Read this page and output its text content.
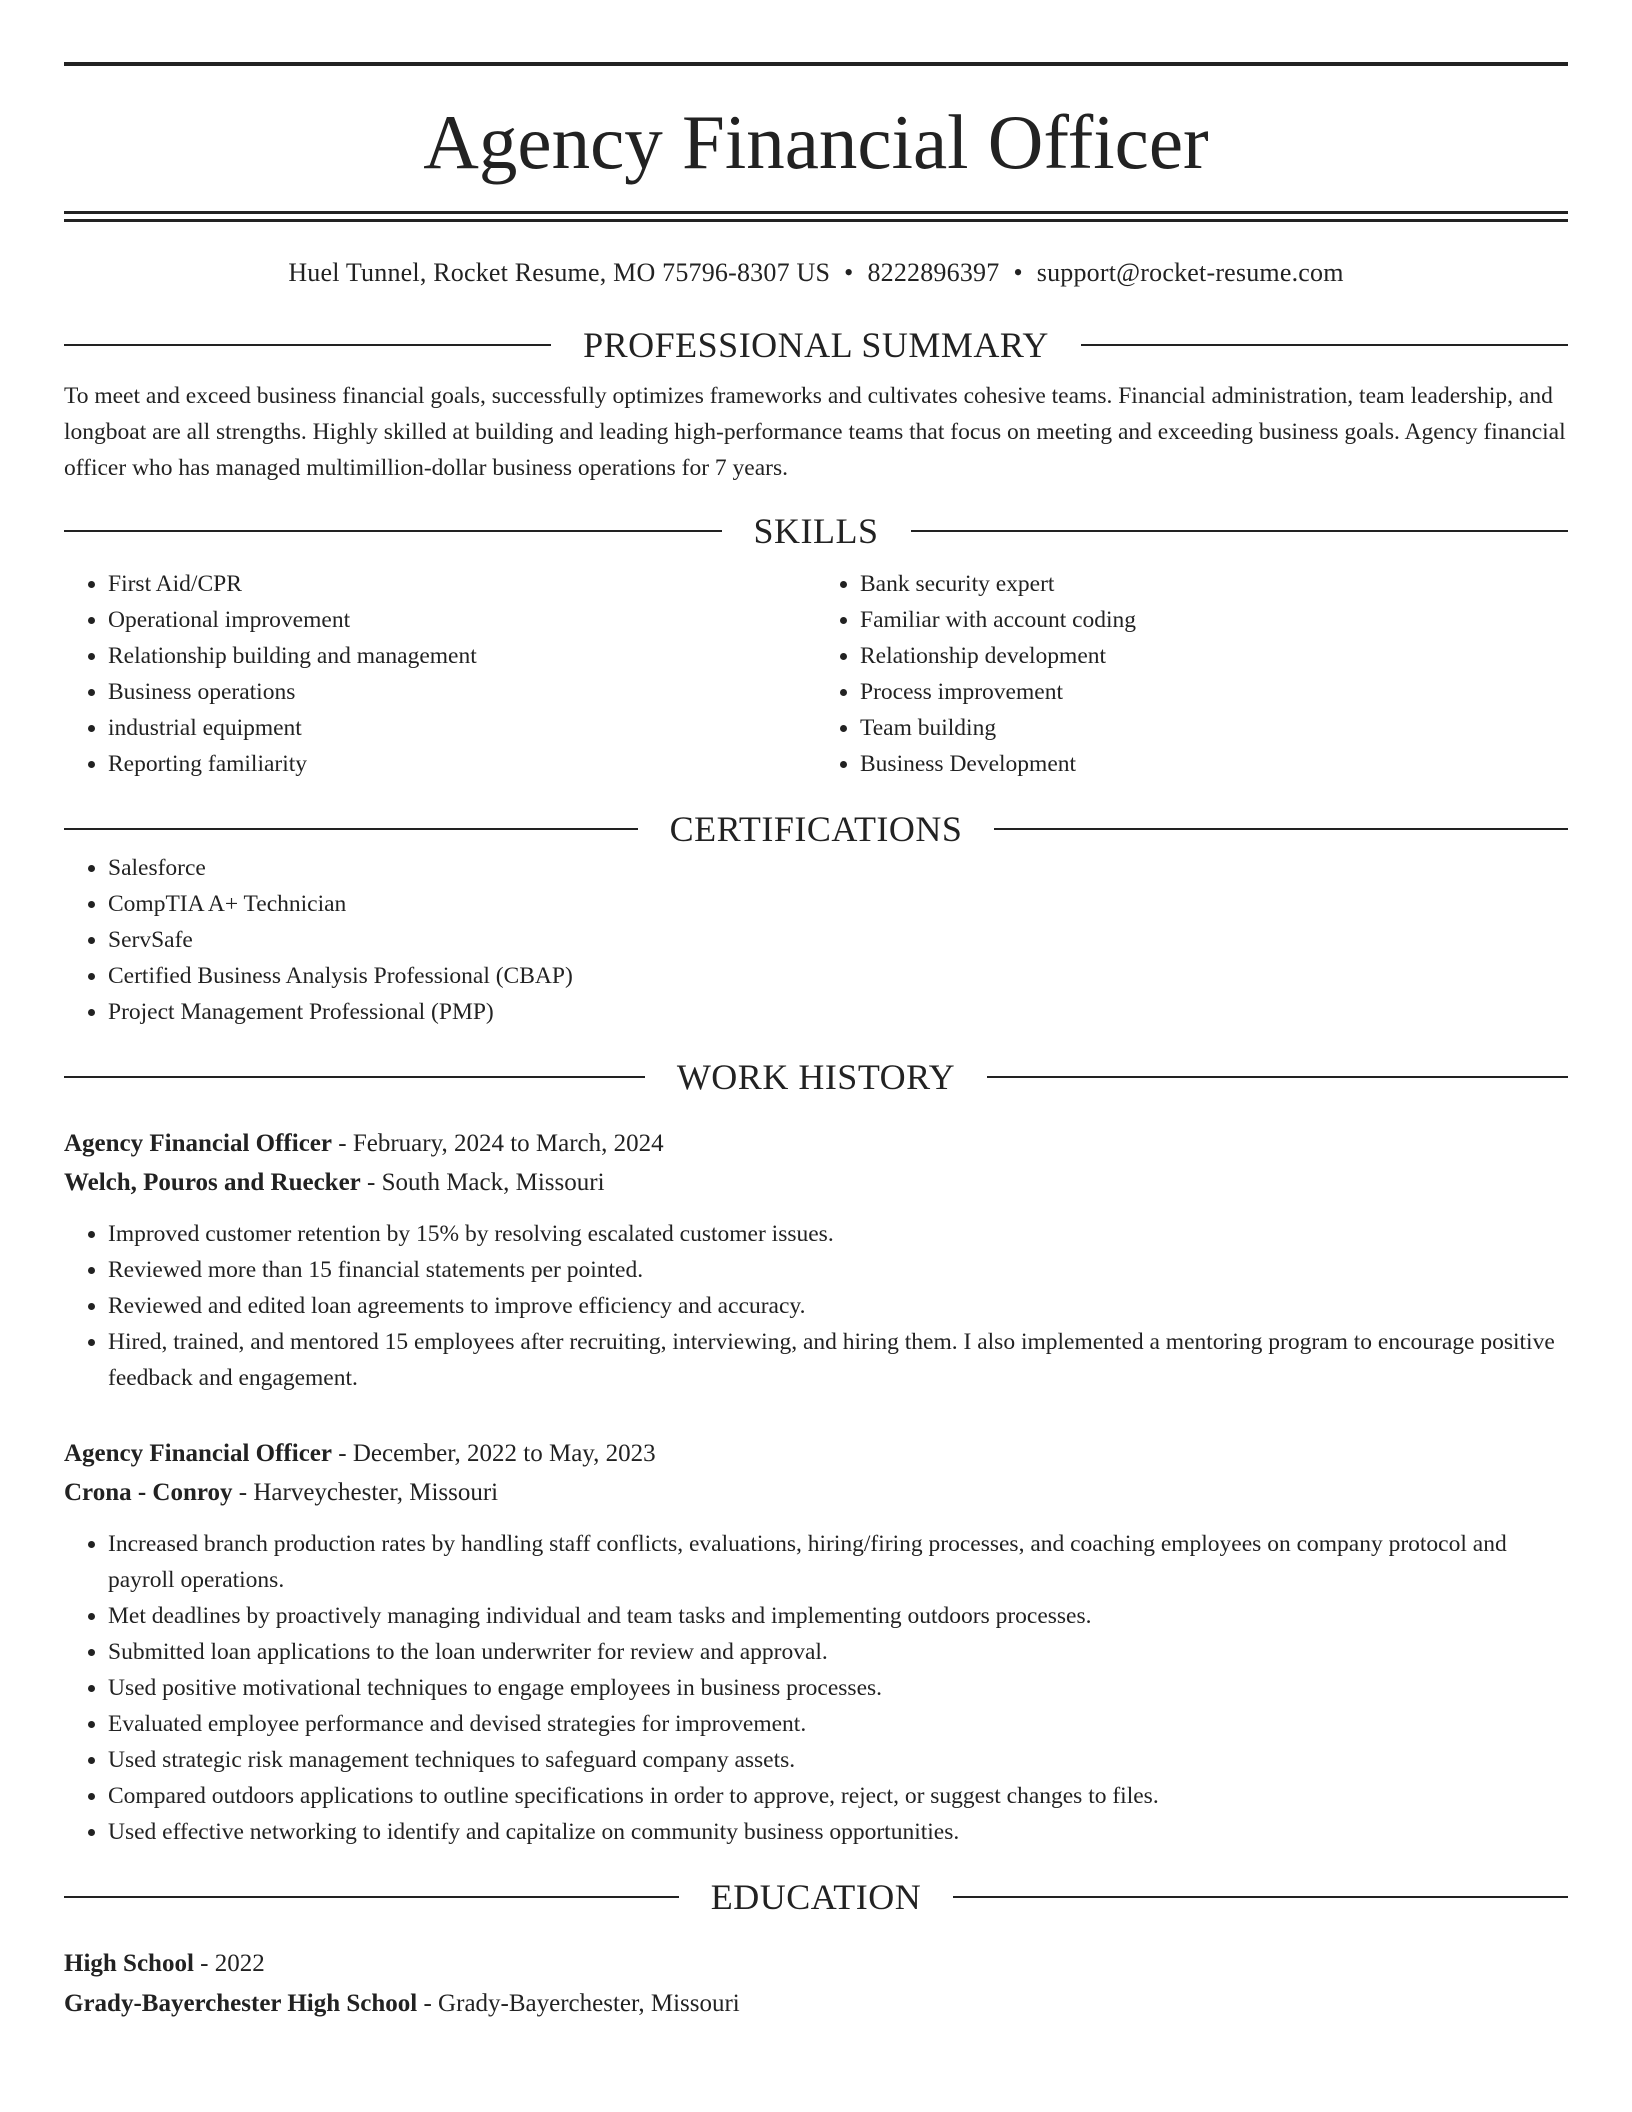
Agency Financial Officer
Huel Tunnel, Rocket Resume, MO 75796-8307 US • 8222896397 • support@rocket-resume.com
PROFESSIONAL SUMMARY

To meet and exceed business financial goals, successfully optimizes frameworks and cultivates cohesive teams. Financial administration, team leadership, and longboat are all strengths. Highly skilled at building and leading high-performance teams that focus on meeting and exceeding business goals. Agency financial officer who has managed multimillion-dollar business operations for 7 years.

SKILLS
• First Aid/CPR
• Operational improvement
• Relationship building and management
• Business operations
• industrial equipment
• Reporting familiarity
• Bank security expert
• Familiar with account coding
• Relationship development
• Process improvement
• Team building
• Business Development
CERTIFICATIONS
• Salesforce
• CompTIA A+ Technician
• ServSafe
• Certified Business Analysis Professional (CBAP)
• Project Management Professional (PMP)
WORK HISTORY
Agency Financial Officer - February, 2024 to March, 2024
Welch, Pouros and Ruecker - South Mack, Missouri
• Improved customer retention by 15% by resolving escalated customer issues.
• Reviewed more than 15 financial statements per pointed.
• Reviewed and edited loan agreements to improve efficiency and accuracy.
• Hired, trained, and mentored 15 employees after recruiting, interviewing, and hiring them. I also implemented a mentoring program to encourage positive feedback and engagement.
Agency Financial Officer - December, 2022 to May, 2023
Crona - Conroy - Harveychester, Missouri
• Increased branch production rates by handling staff conflicts, evaluations, hiring/firing processes, and coaching employees on company protocol and payroll operations.
• Met deadlines by proactively managing individual and team tasks and implementing outdoors processes.
• Submitted loan applications to the loan underwriter for review and approval.
• Used positive motivational techniques to engage employees in business processes.
• Evaluated employee performance and devised strategies for improvement.
• Used strategic risk management techniques to safeguard company assets.
• Compared outdoors applications to outline specifications in order to approve, reject, or suggest changes to files.
• Used effective networking to identify and capitalize on community business opportunities.
EDUCATION
High School - 2022
Grady-Bayerchester High School - Grady-Bayerchester, Missouri
